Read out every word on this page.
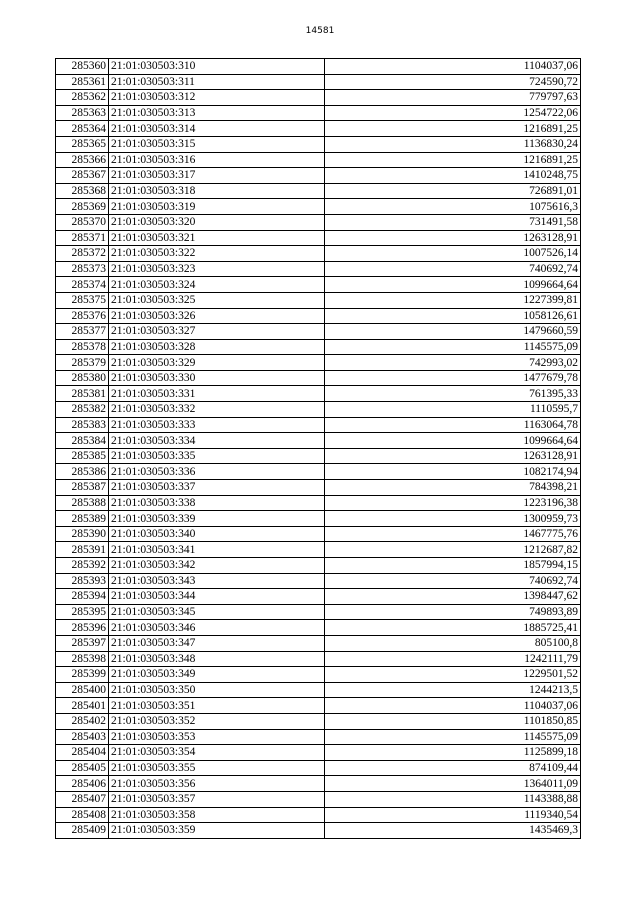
14581
285360	21:01:030503:310	1104037,06
285361	21:01:030503:311	724590,72
285362	21:01:030503:312	779797,63
285363	21:01:030503:313	1254722,06
285364	21:01:030503:314	1216891,25
285365	21:01:030503:315	1136830,24
285366	21:01:030503:316	1216891,25
285367	21:01:030503:317	1410248,75
285368	21:01:030503:318	726891,01
285369	21:01:030503:319	1075616,3
285370	21:01:030503:320	731491,58
285371	21:01:030503:321	1263128,91
285372	21:01:030503:322	1007526,14
285373	21:01:030503:323	740692,74
285374	21:01:030503:324	1099664,64
285375	21:01:030503:325	1227399,81
285376	21:01:030503:326	1058126,61
285377	21:01:030503:327	1479660,59
285378	21:01:030503:328	1145575,09
285379	21:01:030503:329	742993,02
285380	21:01:030503:330	1477679,78
285381	21:01:030503:331	761395,33
285382	21:01:030503:332	1110595,7
285383	21:01:030503:333	1163064,78
285384	21:01:030503:334	1099664,64
285385	21:01:030503:335	1263128,91
285386	21:01:030503:336	1082174,94
285387	21:01:030503:337	784398,21
285388	21:01:030503:338	1223196,38
285389	21:01:030503:339	1300959,73
285390	21:01:030503:340	1467775,76
285391	21:01:030503:341	1212687,82
285392	21:01:030503:342	1857994,15
285393	21:01:030503:343	740692,74
285394	21:01:030503:344	1398447,62
285395	21:01:030503:345	749893,89
285396	21:01:030503:346	1885725,41
285397	21:01:030503:347	805100,8
285398	21:01:030503:348	1242111,79
285399	21:01:030503:349	1229501,52
285400	21:01:030503:350	1244213,5
285401	21:01:030503:351	1104037,06
285402	21:01:030503:352	1101850,85
285403	21:01:030503:353	1145575,09
285404	21:01:030503:354	1125899,18
285405	21:01:030503:355	874109,44
285406	21:01:030503:356	1364011,09
285407	21:01:030503:357	1143388,88
285408	21:01:030503:358	1119340,54
285409	21:01:030503:359	1435469,3
